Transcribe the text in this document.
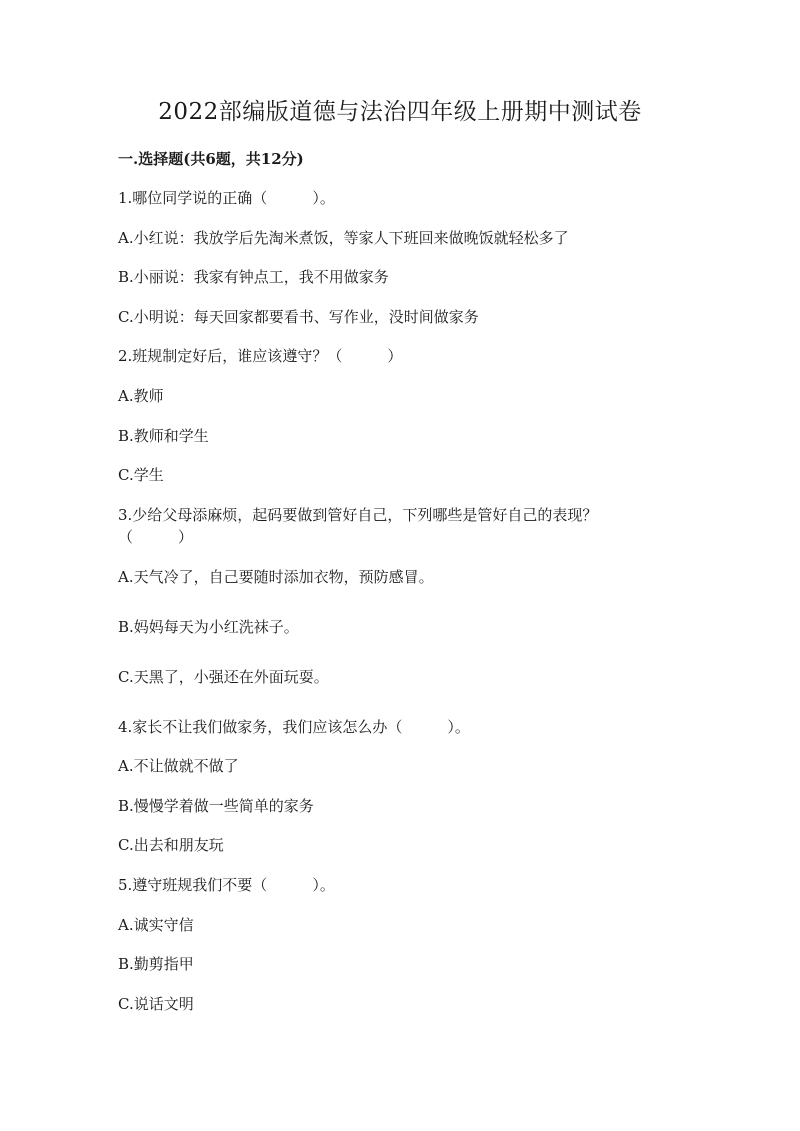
2022部编版道德与法治四年级上册期中测试卷
一.选择题(共6题，共12分)
1.哪位同学说的正确（　　　）。
A.小红说：我放学后先淘米煮饭，等家人下班回来做晚饭就轻松多了
B.小丽说：我家有钟点工，我不用做家务
C.小明说：每天回家都要看书、写作业，没时间做家务
2.班规制定好后，谁应该遵守？（　　　）
A.教师
B.教师和学生
C.学生
3.少给父母添麻烦，起码要做到管好自己，下列哪些是管好自己的表现？
（　　　）
A.天气冷了，自己要随时添加衣物，预防感冒。
B.妈妈每天为小红洗袜子。
C.天黑了，小强还在外面玩耍。
4.家长不让我们做家务，我们应该怎么办（　　　）。
A.不让做就不做了
B.慢慢学着做一些简单的家务
C.出去和朋友玩
5.遵守班规我们不要（　　　）。
A.诚实守信
B.勤剪指甲
C.说话文明
